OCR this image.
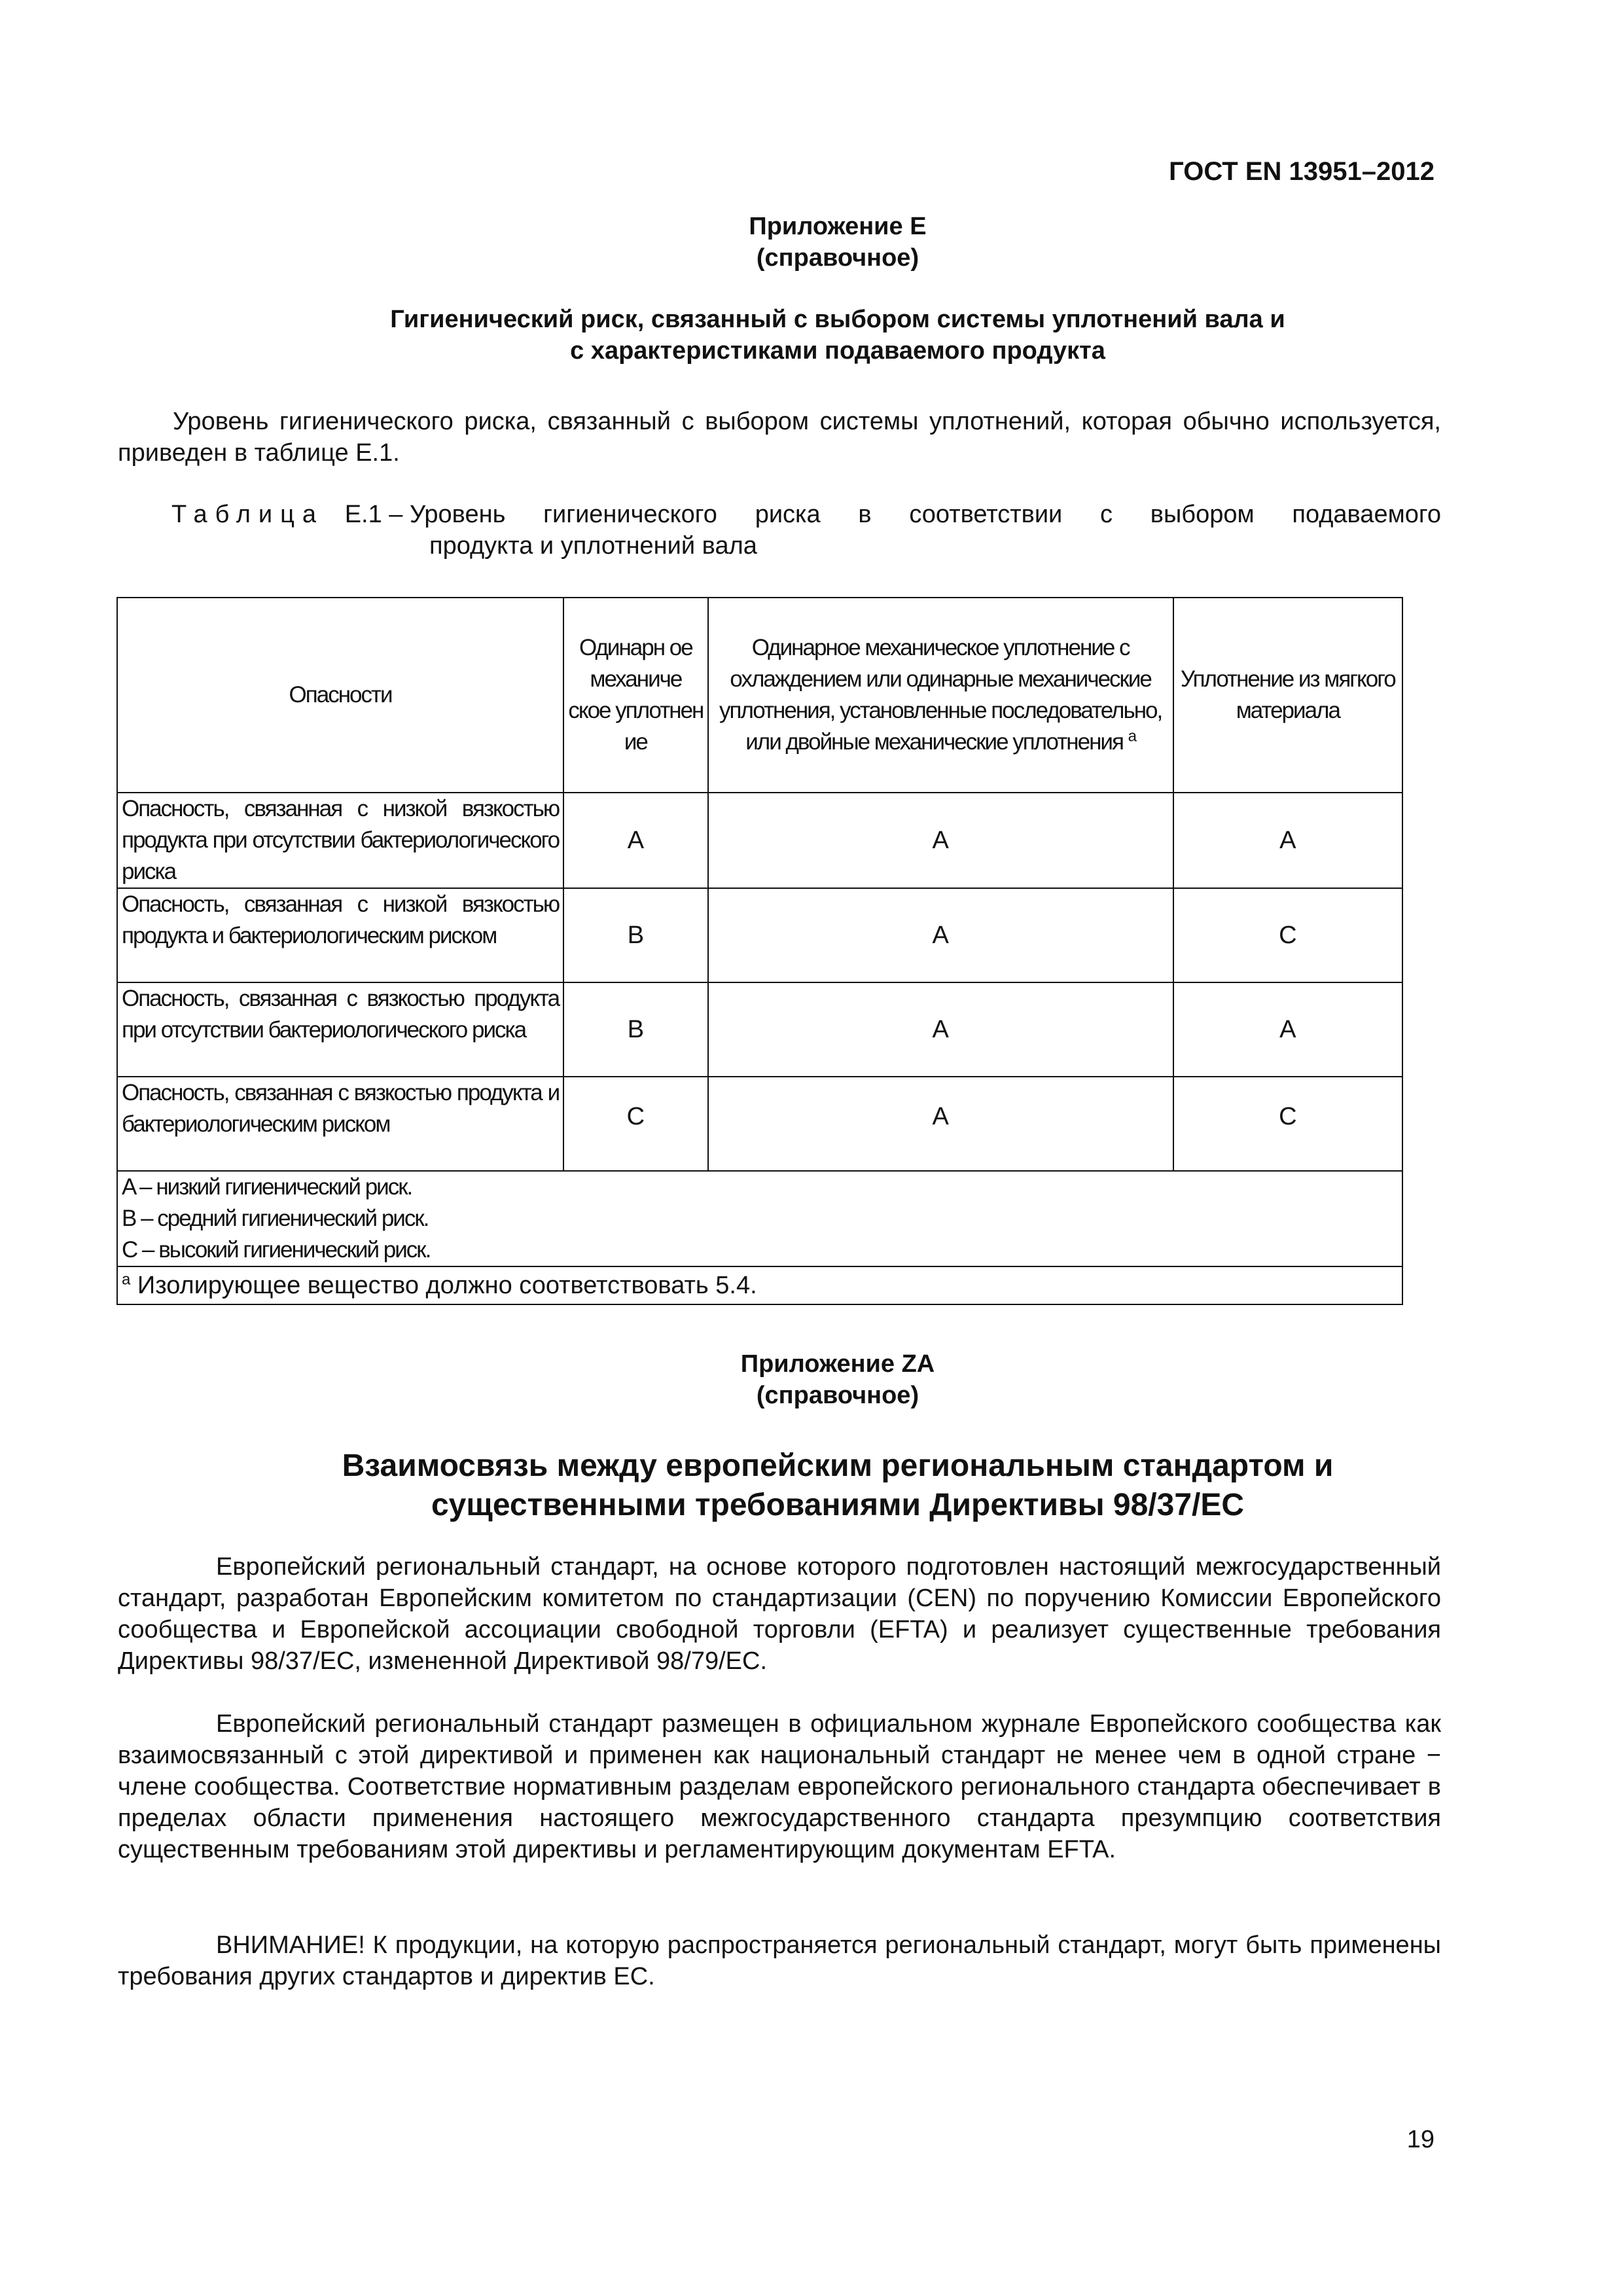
ГОСТ EN 13951–2012

Приложение Е
(справочное)
Гигиенический риск, связанный с выбором системы уплотнений вала и
с характеристиками подаваемого продукта

Уровень гигиенического риска, связанный с выбором системы уплотнений, которая обычно используется, приведен в таблице Е.1.

Таблица Е.1 – Уровень гигиенического риска в соответствии с выбором подаваемого
продукта и уплотнений вала
Опасности	Одинарн ое механиче ское уплотнен ие	Одинарное механическое уплотнение с охлаждением или одинарные механические уплотнения, установленные последовательно, или двойные механические уплотнения $^a$	Уплотнение из мягкого материала
Опасность, связанная с низкой вязкостью продукта при отсутствии бактериологического риска	A	A	A
Опасность, связанная с низкой вязкостью продукта и бактериологическим риском	B	A	C
Опасность, связанная с вязкостью продукта при отсутствии бактериологического риска	B	A	A
Опасность, связанная с вязкостью продукта и бактериологическим риском	C	A	C

A – низкий гигиенический риск.
B – средний гигиенический риск.
C – высокий гигиенический риск.			

$^a$ Изолирующее вещество должно соответствовать 5.4.			
Приложение ZA
(справочное)
Взаимосвязь между европейским региональным стандартом и
существенными требованиями Директивы 98/37/ЕС

Европейский региональный стандарт, на основе которого подготовлен настоящий межгосударственный стандарт, разработан Европейским комитетом по стандартизации (CEN) по поручению Комиссии Европейского сообщества и Европейской ассоциации свободной торговли (EFTA) и реализует существенные требования Директивы 98/37/ЕС, измененной Директивой 98/79/ЕС.

Европейский региональный стандарт размещен в официальном журнале Европейского сообщества как взаимосвязанный с этой директивой и применен как национальный стандарт не менее чем в одной стране − члене сообщества. Соответствие нормативным разделам европейского регионального стандарта обеспечивает в пределах области применения настоящего межгосударственного стандарта презумпцию соответствия существенным требованиям этой директивы и регламентирующим документам EFTA.

ВНИМАНИЕ! К продукции, на которую распространяется региональный стандарт, могут быть применены требования других стандартов и директив ЕС.

19
